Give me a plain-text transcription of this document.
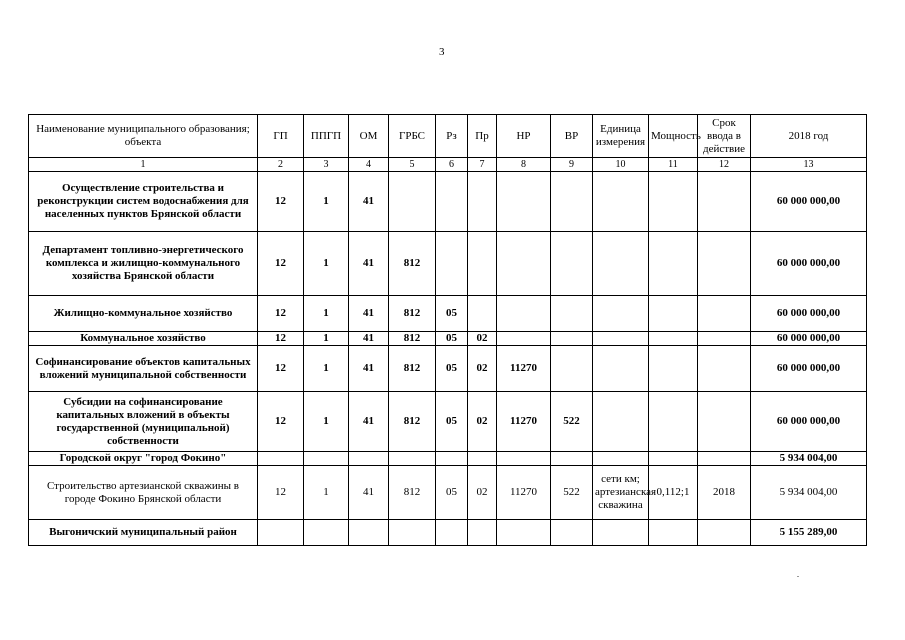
3
Наименование муниципального образования; объекта	ГП	ППГП	ОМ	ГРБС	Рз	Пр	НР	ВР	Единица измерения	Мощность	Срок ввода в действие	2018 год
1	2	3	4	5	6	7	8	9	10	11	12	13
Осуществление строительства и реконструкции систем водоснабжения для населенных пунктов Брянской области	12	1	41									60 000 000,00
Департамент топливно-энергетического комплекса и жилищно-коммунального хозяйства Брянской области	12	1	41	812								60 000 000,00
Жилищно-коммунальное хозяйство	12	1	41	812	05							60 000 000,00
Коммунальное хозяйство	12	1	41	812	05	02						60 000 000,00
Софинансирование объектов капитальных вложений муниципальной собственности	12	1	41	812	05	02	11270					60 000 000,00
Субсидии на софинансирование капитальных вложений в объекты государственной (муниципальной) собственности	12	1	41	812	05	02	11270	522				60 000 000,00
Городской округ "город Фокино"												5 934 004,00
Строительство артезианской скважины в городе Фокино Брянской области	12	1	41	812	05	02	11270	522	сети км; артезианская скважина	0,112;1	2018	5 934 004,00
Выгоничский муниципальный район												5 155 289,00
